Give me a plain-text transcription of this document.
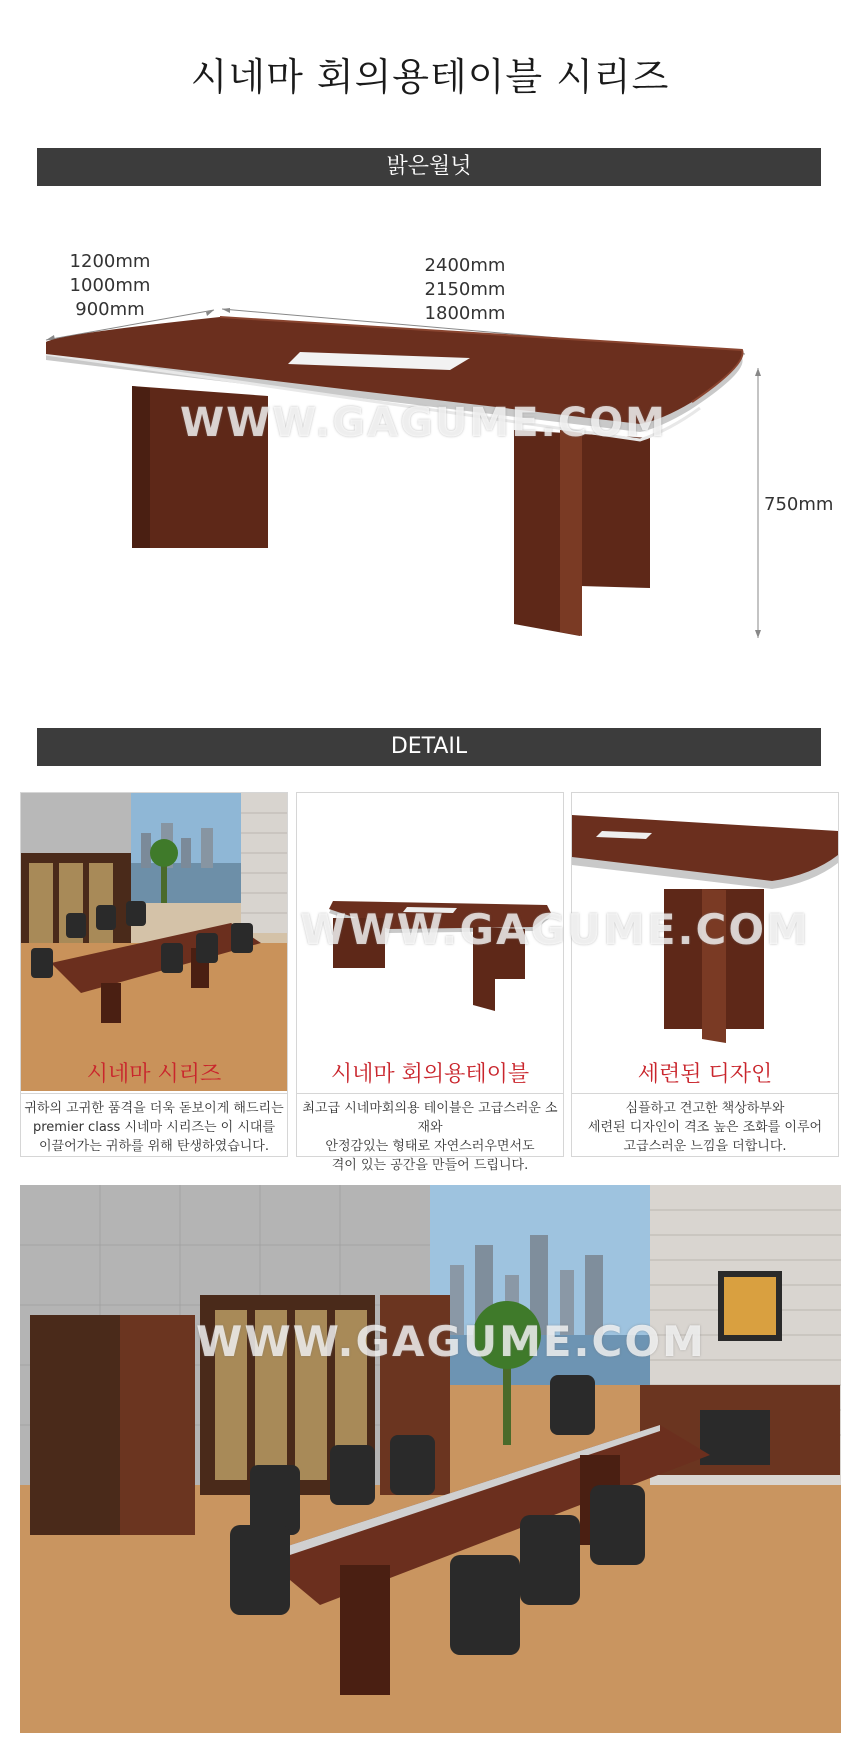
시네마 회의용테이블 시리즈
밝은월넛
1200mm
1000mm
900mm
2400mm
2150mm
1800mm
750mm
WWW.GAGUME.COM
DETAIL
시네마 시리즈
귀하의 고귀한 품격을 더욱 돋보이게 해드리는
premier class 시네마 시리즈는 이 시대를
이끌어가는 귀하를 위해 탄생하였습니다.
시네마 회의용테이블
최고급 시네마회의용 테이블은 고급스러운 소재와
안정감있는 형태로 자연스러우면서도
격이 있는 공간을 만들어 드립니다.
세련된 디자인
심플하고 견고한 책상하부와
세련된 디자인이 격조 높은 조화를 이루어
고급스러운 느낌을 더합니다.
WWW.GAGUME.COM
WWW.GAGUME.COM
